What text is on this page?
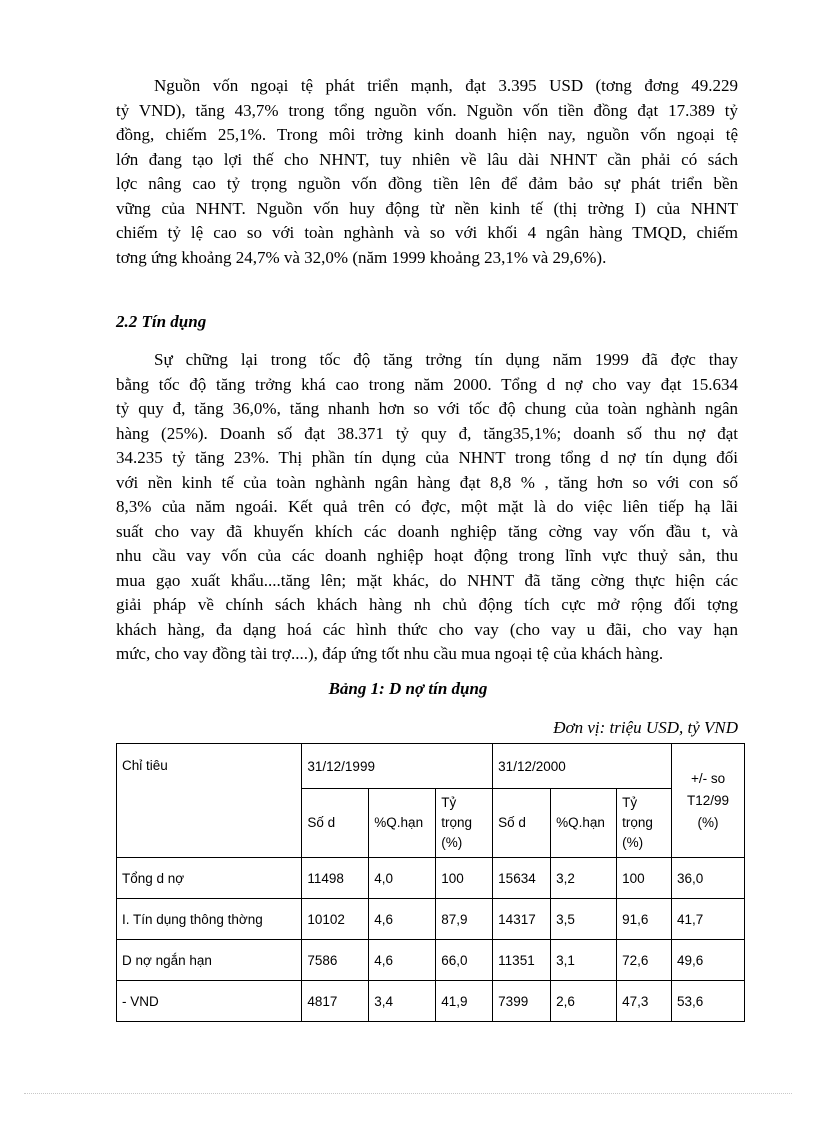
Nguồn vốn ngoại tệ phát triển mạnh, đạt 3.395 USD (tơng đơng 49.229
tỷ VND), tăng 43,7% trong tổng nguồn vốn. Nguồn vốn tiền đồng đạt 17.389 tỷ
đồng, chiếm 25,1%. Trong môi trờng kinh doanh hiện nay, nguồn vốn ngoại tệ
lớn đang tạo lợi thế cho NHNT, tuy nhiên về lâu dài NHNT cần phải có sách
lợc nâng cao tỷ trọng nguồn vốn đồng tiền lên để đảm bảo sự phát triển bền
vững của NHNT. Nguồn vốn huy động từ nền kinh tế (thị trờng I) của NHNT
chiếm tỷ lệ cao so với toàn nghành và so với khối 4 ngân hàng TMQD, chiếm
tơng ứng khoảng 24,7% và 32,0% (năm 1999 khoảng 23,1% và 29,6%).
2.2 Tín dụng
Sự chững lại trong tốc độ tăng trởng tín dụng năm 1999 đã đợc thay
bằng tốc độ tăng trởng khá cao trong năm 2000. Tổng d nợ cho vay đạt 15.634
tỷ quy đ, tăng 36,0%, tăng nhanh hơn so với tốc độ chung của toàn nghành ngân
hàng (25%). Doanh số đạt 38.371 tỷ quy đ, tăng35,1%; doanh số thu nợ đạt
34.235 tỷ tăng 23%. Thị phần tín dụng của NHNT trong tổng d nợ tín dụng đối
với nền kinh tế của toàn nghành ngân hàng đạt 8,8 % , tăng hơn so với con số
8,3% của năm ngoái. Kết quả trên có đợc, một mặt là do việc liên tiếp hạ lãi
suất cho vay đã khuyến khích các doanh nghiệp tăng cờng vay vốn đầu t, và
nhu cầu vay vốn của các doanh nghiệp hoạt động trong lĩnh vực thuỷ sản, thu
mua gạo xuất khẩu....tăng lên; mặt khác, do NHNT đã tăng cờng thực hiện các
giải pháp về chính sách khách hàng nh chủ động tích cực mở rộng đối tợng
khách hàng, đa dạng hoá các hình thức cho vay (cho vay u đãi, cho vay hạn
mức, cho vay đồng tài trợ....), đáp ứng tốt nhu cầu mua ngoại tệ của khách hàng.

Bảng 1: D nợ tín dụng

Đơn vị: triệu USD, tỷ VND

Chỉ tiêu	31/12/1999			31/12/2000			+/- so
T12/99
(%)
	Số d	%Q.hạn	Tỷ trọng
(%)	Số d	%Q.hạn	Tỷ trọng
(%)	
Tổng d nợ	11498	4,0	100	15634	3,2	100	36,0
I. Tín dụng thông thờng	10102	4,6	87,9	14317	3,5	91,6	41,7
D nợ ngắn hạn	7586	4,6	66,0	11351	3,1	72,6	49,6
- VND	4817	3,4	41,9	7399	2,6	47,3	53,6
